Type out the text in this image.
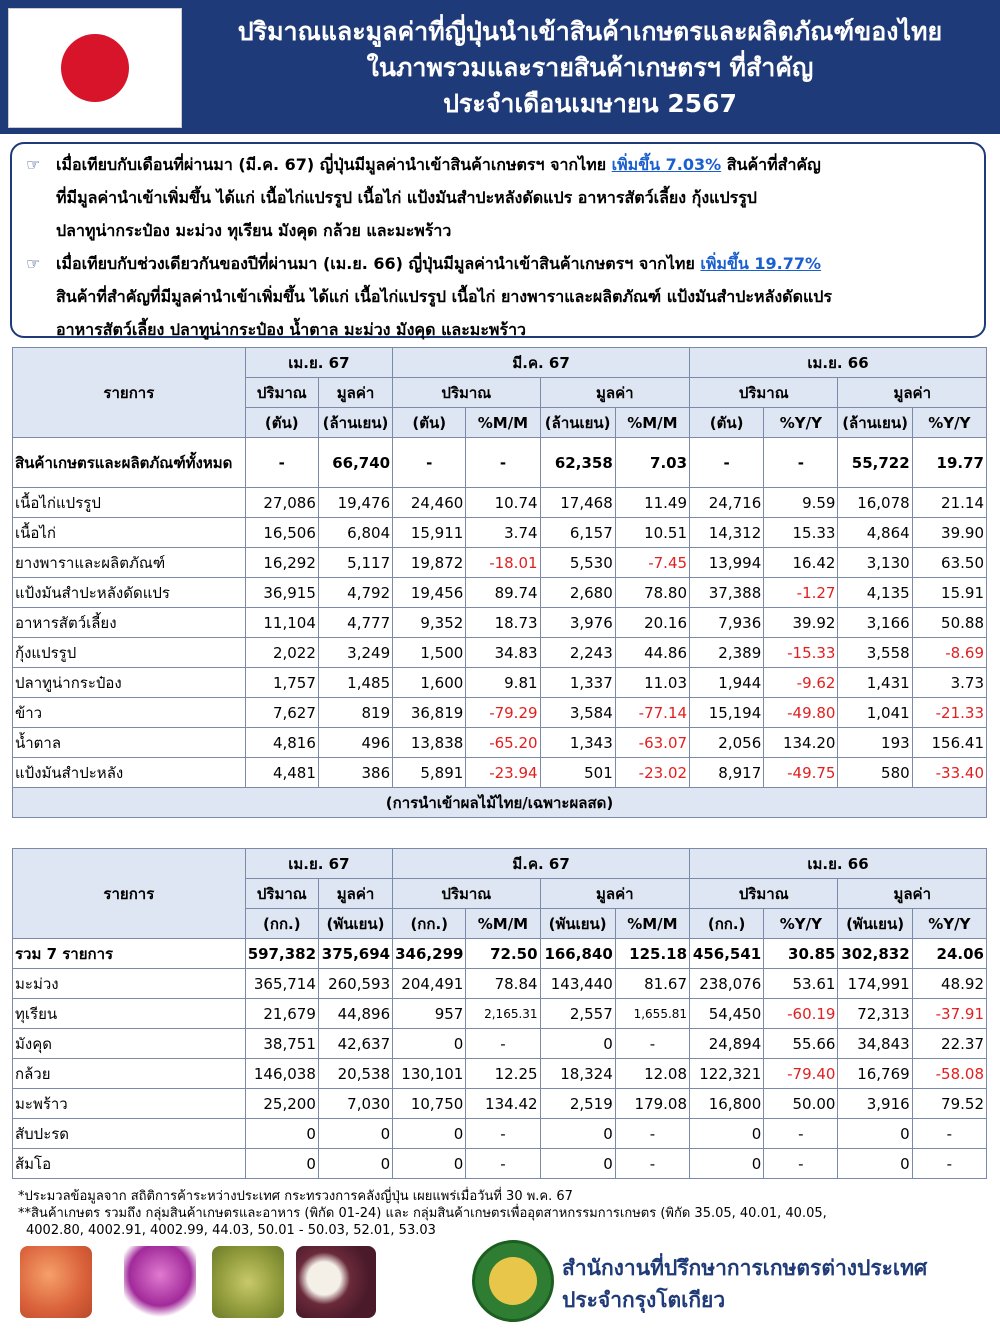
ปริมาณและมูลค่าที่ญี่ปุ่นนำเข้าสินค้าเกษตรและผลิตภัณฑ์ของไทย
ในภาพรวมและรายสินค้าเกษตรฯ ที่สำคัญ
ประจำเดือนเมษายน 2567
☞ เมื่อเทียบกับเดือนที่ผ่านมา (มี.ค. 67) ญี่ปุ่นมีมูลค่านำเข้าสินค้าเกษตรฯ จากไทย เพิ่มขึ้น 7.03% สินค้าที่สำคัญ
ที่มีมูลค่านำเข้าเพิ่มขึ้น ได้แก่ เนื้อไก่แปรรูป เนื้อไก่ แป้งมันสำปะหลังดัดแปร อาหารสัตว์เลี้ยง กุ้งแปรรูป
ปลาทูน่ากระป๋อง มะม่วง ทุเรียน มังคุด กล้วย และมะพร้าว
☞ เมื่อเทียบกับช่วงเดียวกันของปีที่ผ่านมา (เม.ย. 66) ญี่ปุ่นมีมูลค่านำเข้าสินค้าเกษตรฯ จากไทย เพิ่มขึ้น 19.77%
สินค้าที่สำคัญที่มีมูลค่านำเข้าเพิ่มขึ้น ได้แก่ เนื้อไก่แปรรูป เนื้อไก่ ยางพาราและผลิตภัณฑ์ แป้งมันสำปะหลังดัดแปร
อาหารสัตว์เลี้ยง ปลาทูน่ากระป๋อง น้ำตาล มะม่วง มังคุด และมะพร้าว
รายการ	เม.ย. 67		มี.ค. 67				เม.ย. 66			
	ปริมาณ	มูลค่า	ปริมาณ		มูลค่า		ปริมาณ		มูลค่า	
	(ตัน)	(ล้านเยน)	(ตัน)	%M/M	(ล้านเยน)	%M/M	(ตัน)	%Y/Y	(ล้านเยน)	%Y/Y
สินค้าเกษตรและผลิตภัณฑ์ทั้งหมด	-	66,740	-	-	62,358	7.03	-	-	55,722	19.77
เนื้อไก่แปรรูป	27,086	19,476	24,460	10.74	17,468	11.49	24,716	9.59	16,078	21.14
เนื้อไก่	16,506	6,804	15,911	3.74	6,157	10.51	14,312	15.33	4,864	39.90
ยางพาราและผลิตภัณฑ์	16,292	5,117	19,872	-18.01	5,530	-7.45	13,994	16.42	3,130	63.50
แป้งมันสำปะหลังดัดแปร	36,915	4,792	19,456	89.74	2,680	78.80	37,388	-1.27	4,135	15.91
อาหารสัตว์เลี้ยง	11,104	4,777	9,352	18.73	3,976	20.16	7,936	39.92	3,166	50.88
กุ้งแปรรูป	2,022	3,249	1,500	34.83	2,243	44.86	2,389	-15.33	3,558	-8.69
ปลาทูน่ากระป๋อง	1,757	1,485	1,600	9.81	1,337	11.03	1,944	-9.62	1,431	3.73
ข้าว	7,627	819	36,819	-79.29	3,584	-77.14	15,194	-49.80	1,041	-21.33
น้ำตาล	4,816	496	13,838	-65.20	1,343	-63.07	2,056	134.20	193	156.41
แป้งมันสำปะหลัง	4,481	386	5,891	-23.94	501	-23.02	8,917	-49.75	580	-33.40
(การนำเข้าผลไม้ไทย/เฉพาะผลสด)										
รายการ	เม.ย. 67		มี.ค. 67				เม.ย. 66			
	ปริมาณ	มูลค่า	ปริมาณ		มูลค่า		ปริมาณ		มูลค่า	
	(กก.)	(พันเยน)	(กก.)	%M/M	(พันเยน)	%M/M	(กก.)	%Y/Y	(พันเยน)	%Y/Y
รวม 7 รายการ	597,382	375,694	346,299	72.50	166,840	125.18	456,541	30.85	302,832	24.06
มะม่วง	365,714	260,593	204,491	78.84	143,440	81.67	238,076	53.61	174,991	48.92
ทุเรียน	21,679	44,896	957	2,165.31	2,557	1,655.81	54,450	-60.19	72,313	-37.91
มังคุด	38,751	42,637	0	-	0	-	24,894	55.66	34,843	22.37
กล้วย	146,038	20,538	130,101	12.25	18,324	12.08	122,321	-79.40	16,769	-58.08
มะพร้าว	25,200	7,030	10,750	134.42	2,519	179.08	16,800	50.00	3,916	79.52
สับปะรด	0	0	0	-	0	-	0	-	0	-
ส้มโอ	0	0	0	-	0	-	0	-	0	-
*ประมวลข้อมูลจาก สถิติการค้าระหว่างประเทศ กระทรวงการคลังญี่ปุ่น เผยแพร่เมื่อวันที่ 30 พ.ค. 67
**สินค้าเกษตร รวมถึง กลุ่มสินค้าเกษตรและอาหาร (พิกัด 01-24) และ กลุ่มสินค้าเกษตรเพื่ออุตสาหกรรมการเกษตร (พิกัด 35.05, 40.01, 40.05,
4002.80, 4002.91, 4002.99, 44.03, 50.01 - 50.03, 52.01, 53.03
สำนักงานที่ปรึกษาการเกษตรต่างประเทศ
ประจำกรุงโตเกียว
